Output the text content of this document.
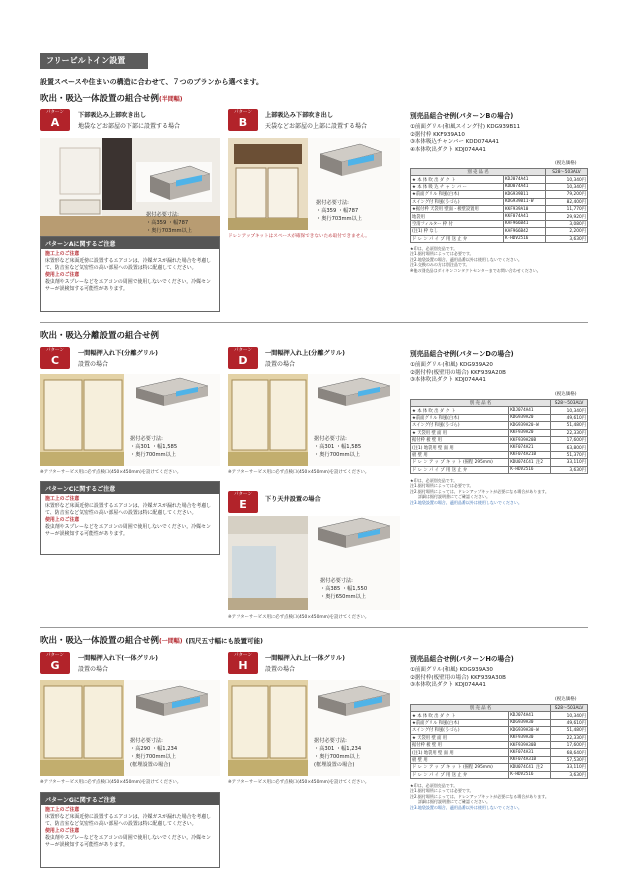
フリービルトイン設置
設置スペースや住まいの構造に合わせて、７つのプランから選べます。
吹出・吸込一体設置の組合せ例(半間幅)
パターン
A
下部吸込み上部吹き出し
地袋などお部屋の下部に設置する場合
据付必要寸法:
・高359 ・幅787
・奥行703mm以上
パターン
B
上部吸込み下部吹き出し
天袋などお部屋の上部に設置する場合
据付必要寸法:
・高359 ・幅787
・奥行703mm以上
ドレンアップキットはスペースが確保できないため取付できません。
パターンAに関するご注意
施工上のご注意
床置形など床面近傍に設置するエアコンは、冷媒ガスが漏れた場合を考慮して、防音室など気密性の高い部屋への設置は特に配慮してください。
使用上のご注意
殺虫剤やスプレーなどをエアコンの周囲で使用しないでください。冷媒センサーが誤検知する可能性があります。
別売品組合せ例(パターンBの場合)
①前面グリル(和風スイング付) KDG939B11
②据付枠 KKF939A10
③本体吸込チャンバー KDD074A41
④本体吹出ダクト KDJ074A41
(税込価格)
別 売 品 名		S28～503ALV
★ 本 体 吹 出 ダ ク ト	KDJ074A41	10,340円
★ 本 体 吸 込 チ ャ ン バ ー	KDD074A41	10,340円
★前面グリル 和風(白木)	KDG939B11	79,200円
スイング付 和風(うづら)	KDG939B11-W	82,400円
★据付枠 天袋用 壁面・板壁設置用	KKF939A10	11,770円
地袋用	KKF074A41	29,920円
空清フィルター 枠 付	KAF966B41	3,080円
(注1) 枠 なし	KAF966B42	2,200円
ド レ ン パ イ プ 用 送 止 弁	K-HDV2516	3,630円
★印は、必須別売品です。
注1.据付場所によっては必要です。
注2.地袋設置の場合、適用品番以外は使用しないでください。
注3.交換のみの方は別注品です。
※他の別売品はダイキンコンタクトセンターまでお問い合わせください。
吹出・吸込分離設置の組合せ例
パターン
C
一間幅押入れ下(分離グリル)
設置の場合
据付必要寸法:
・高301 ・幅1,585
・奥行700mm以上
※アフターサービス用に必ず点検口(450×450mm)を設けてください。
パターン
D
一間幅押入れ上(分離グリル)
設置の場合
据付必要寸法:
・高301 ・幅1,585
・奥行700mm以上
※アフターサービス用に必ず点検口(450×450mm)を設けてください。
パターンCに関するご注意
施工上のご注意
床置形など床面近傍に設置するエアコンは、冷媒ガスが漏れた場合を考慮して、防音室など気密性の高い部屋への設置は特に配慮してください。
使用上のご注意
殺虫剤やスプレーなどをエアコンの周囲で使用しないでください。冷媒センサーが誤検知する可能性があります。
パターン
E	下り天井設置の場合
据付必要寸法:
・高385 ・幅1,550
・奥行650mm以上
※アフターサービス用に必ず点検口(450×450mm)を設けてください。
別売品組合せ例(パターンDの場合)
①前面グリル(和風) KDG939A20
②据付枠(板壁用の場合) KKF939A20B
③本体吹出ダクト KDJ074A41
(税込価格)
別 売 品 名		S28～503ALV
★ 本 体 吹 出 ダ ク ト	KDJ074A41	10,340円
★前面グリル 和風(白木)	KDG939A20	49,610円
スイング付 和風(うづら)	KDG939A20-W	51,480円
★ 天袋用 壁 面 用	KKF939A20	22,330円
据付枠 板 壁 用	KKF939A20B	17,600円
(注1) 地袋用 壁 面 用	KKF074A21	63,800円
板 壁 用	KKF074A21B	51,370円
ド レ ン ア ッ プ キ ッ ト (揚程 295mm)	KDU074C41 注2	33,110円
ド レ ン パ イ プ 用 送 止 弁	K-HDV2516	3,630円
★印は、必須別売品です。
注1.据付場所によっては必要です。
注2.据付場所によっては、ドレンアップキットが必要になる場合があります。
　　詳細は据付説明書にてご確認ください。
注3.地袋設置の場合、適用品番以外は使用しないでください。
吹出・吸込一体設置の組合せ例(一間幅) (四尺五寸幅にも設置可能)
パターン
G
一間幅押入れ下(一体グリル)
設置の場合
据付必要寸法:
・高290 ・幅1,234
・奥行700mm以上
(框埋設置の場合)
※アフターサービス用に必ず点検口(450×450mm)を設けてください。
パターン
H
一間幅押入れ上(一体グリル)
設置の場合
据付必要寸法:
・高301 ・幅1,234
・奥行700mm以上
(框埋設置の場合)
※アフターサービス用に必ず点検口(450×450mm)を設けてください。
パターンGに関するご注意
施工上のご注意
床置形など床面近傍に設置するエアコンは、冷媒ガスが漏れた場合を考慮して、防音室など気密性の高い部屋への設置は特に配慮してください。
使用上のご注意
殺虫剤やスプレーなどをエアコンの周囲で使用しないでください。冷媒センサーが誤検知する可能性があります。
別売品組合せ例(パターンHの場合)
①前面グリル(和風) KDG939A30
②据付枠(板壁用の場合) KKF939A30B
③本体吹出ダクト KDJ074A41
(税込価格)
別 売 品 名		S28～503ALV
★ 本 体 吹 出 ダ ク ト	KDJ074A41	10,340円
★前面グリル 和風(白木)	KDG939A30	49,610円
スイング付 和風(うづら)	KDG939A30-W	51,480円
★ 天袋用 壁 面 用	KKF939A30	22,330円
据付枠 板 壁 用	KKF939A30B	17,600円
(注1) 地袋用 壁 面 用	KKF074A31	68,640円
板 壁 用	KKF074A31B	57,530円
ド レ ン ア ッ プ キ ッ ト (揚程 295mm)	KDU074C41 注2	33,110円
ド レ ン パ イ プ 用 送 止 弁	K-HDV2516	3,630円
★印は、必須別売品です。
注1.据付場所によっては必要です。
注2.据付場所によっては、ドレンアップキットが必要になる場合があります。
　　詳細は据付説明書にてご確認ください。
注3.地袋設置の場合、適用品番以外は使用しないでください。
